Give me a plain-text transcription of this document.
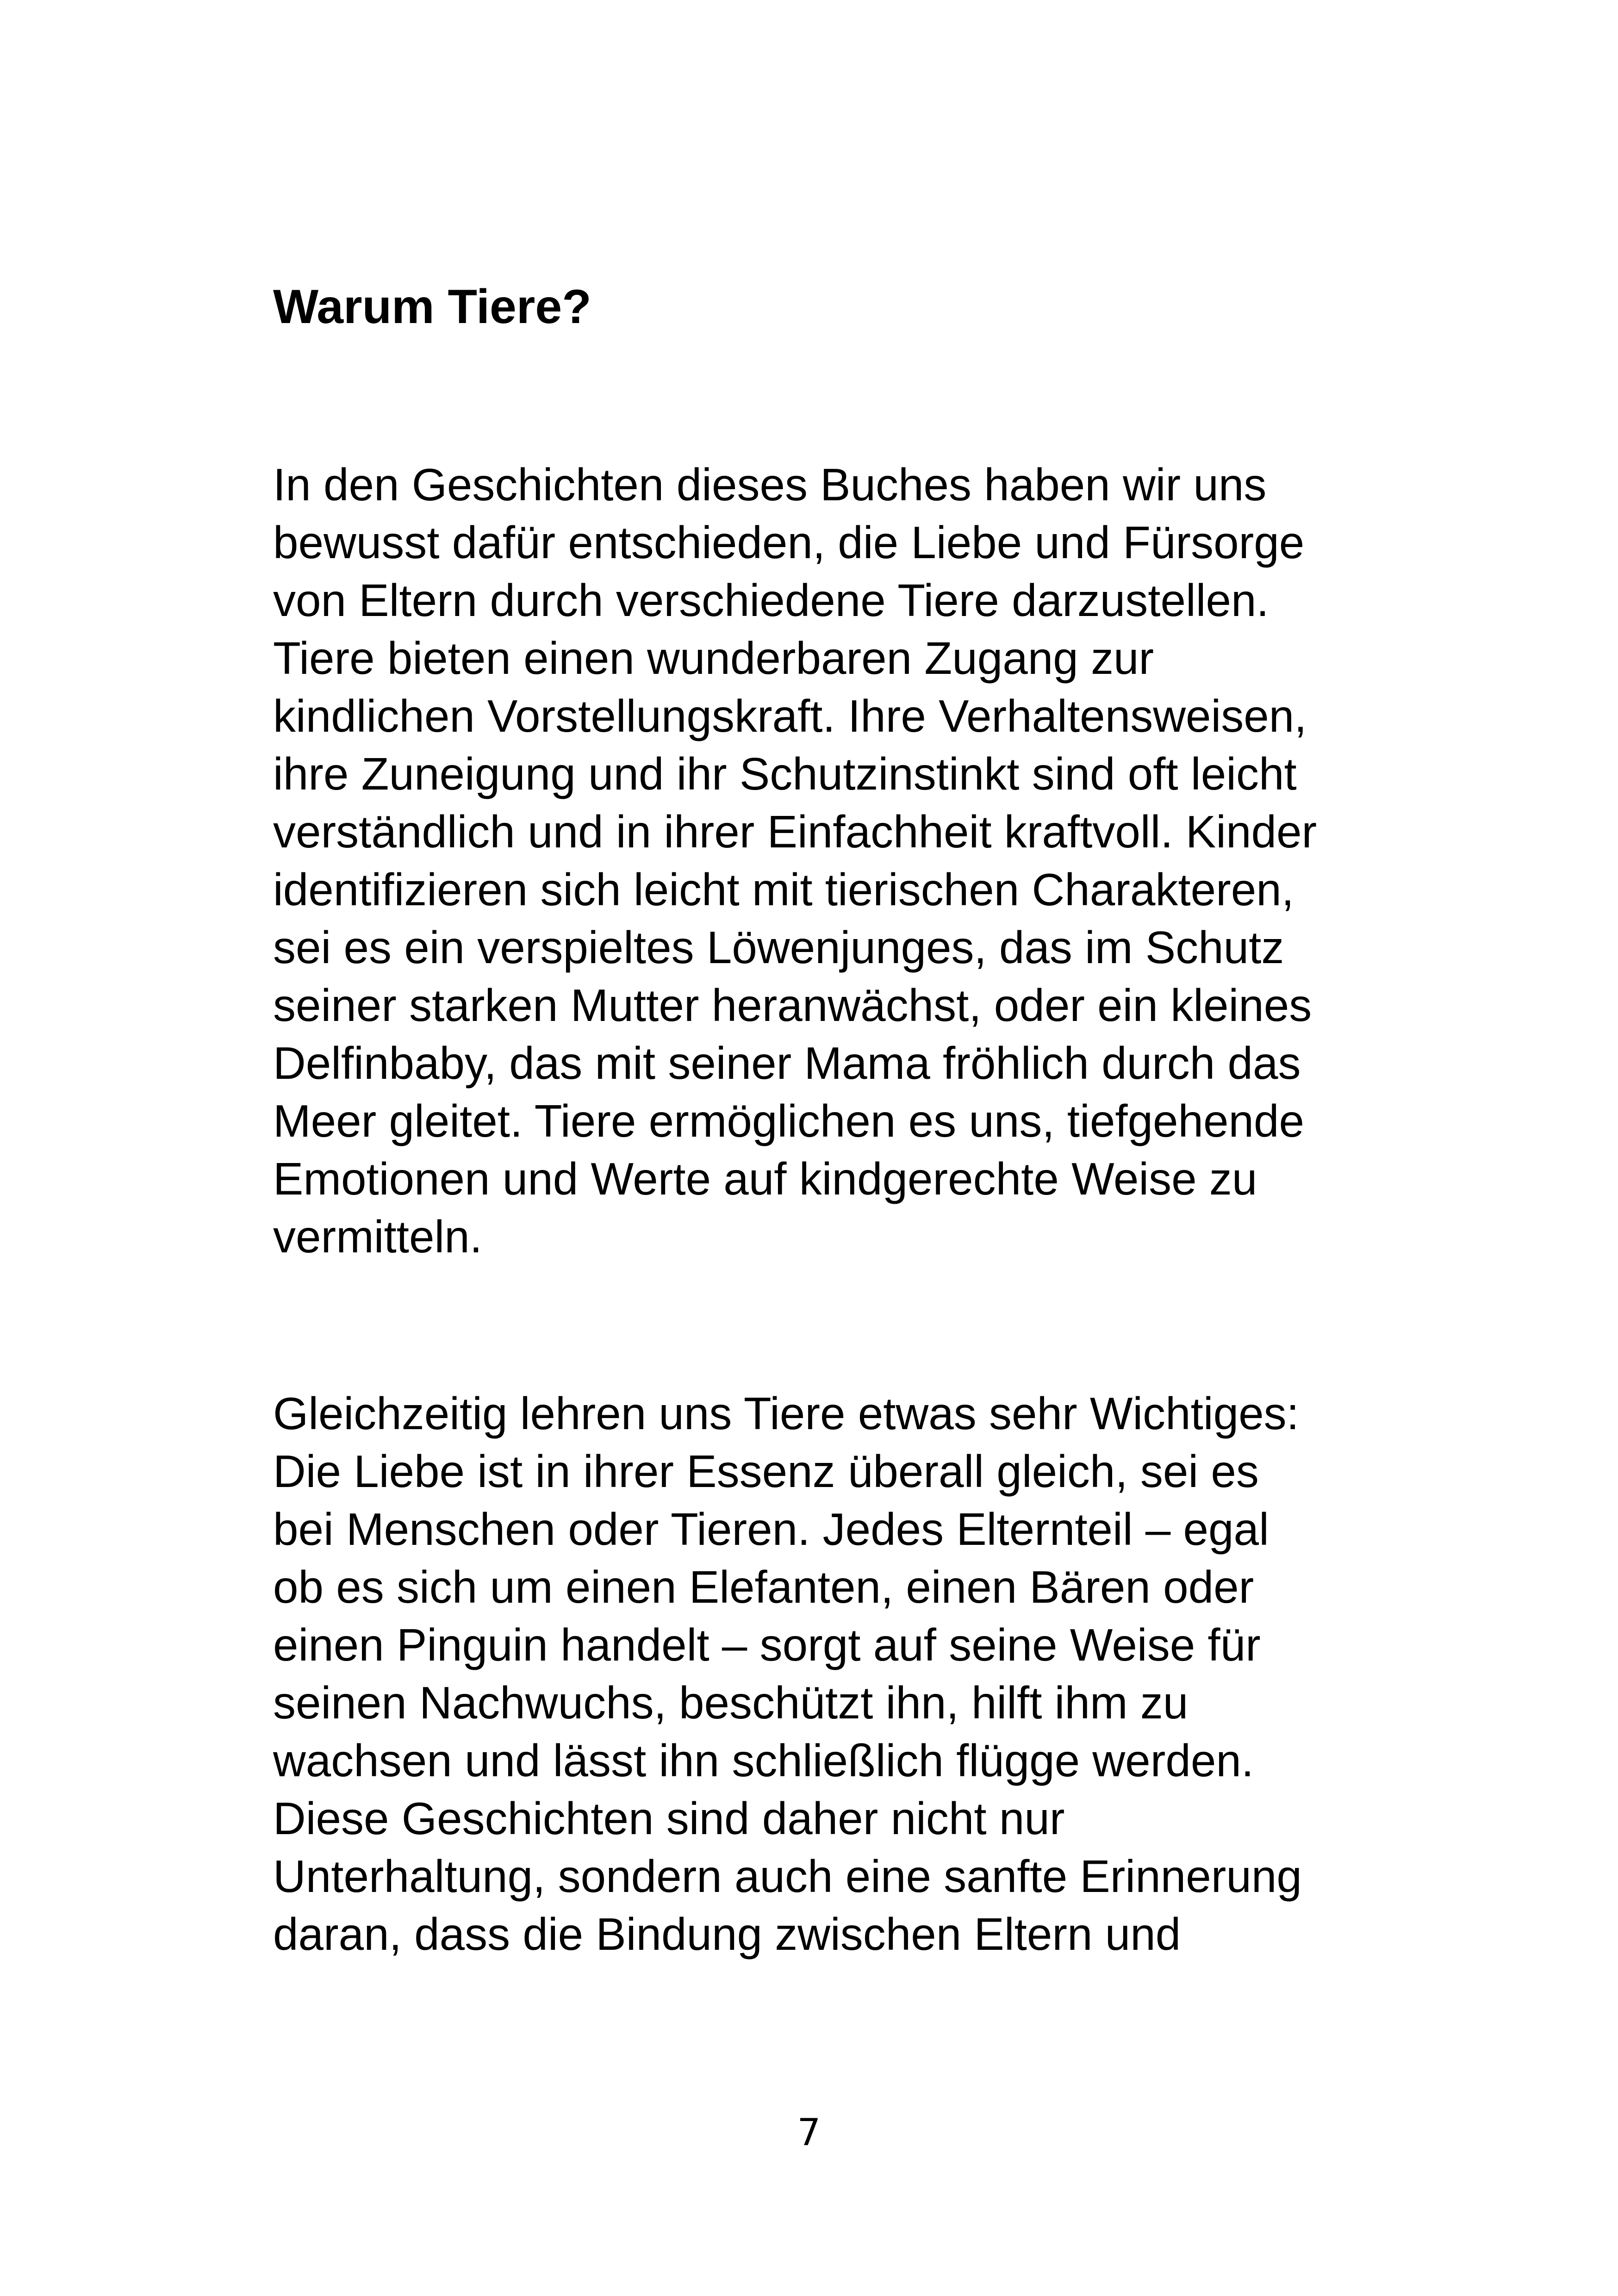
Warum Tiere?

In den Geschichten dieses Buches haben wir uns
bewusst dafür entschieden, die Liebe und Fürsorge
von Eltern durch verschiedene Tiere darzustellen.
Tiere bieten einen wunderbaren Zugang zur
kindlichen Vorstellungskraft. Ihre Verhaltensweisen,
ihre Zuneigung und ihr Schutzinstinkt sind oft leicht
verständlich und in ihrer Einfachheit kraftvoll. Kinder
identifizieren sich leicht mit tierischen Charakteren,
sei es ein verspieltes Löwenjunges, das im Schutz
seiner starken Mutter heranwächst, oder ein kleines
Delfinbaby, das mit seiner Mama fröhlich durch das
Meer gleitet. Tiere ermöglichen es uns, tiefgehende
Emotionen und Werte auf kindgerechte Weise zu
vermitteln.

Gleichzeitig lehren uns Tiere etwas sehr Wichtiges:
Die Liebe ist in ihrer Essenz überall gleich, sei es
bei Menschen oder Tieren. Jedes Elternteil – egal
ob es sich um einen Elefanten, einen Bären oder
einen Pinguin handelt – sorgt auf seine Weise für
seinen Nachwuchs, beschützt ihn, hilft ihm zu
wachsen und lässt ihn schließlich flügge werden.
Diese Geschichten sind daher nicht nur
Unterhaltung, sondern auch eine sanfte Erinnerung
daran, dass die Bindung zwischen Eltern und

7
